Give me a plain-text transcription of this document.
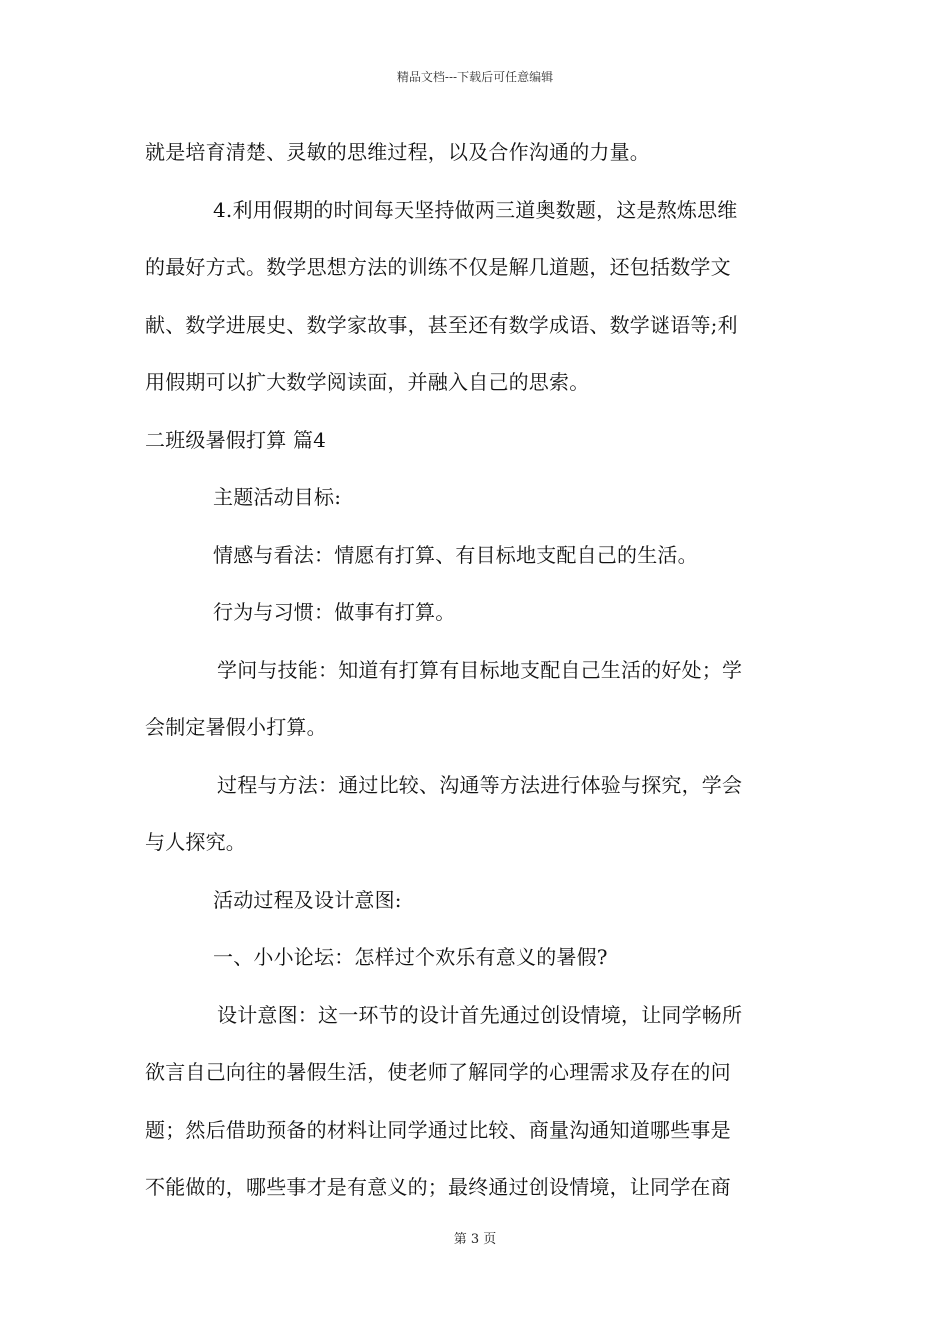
精品文档---下载后可任意编辑
就是培育清楚、灵敏的思维过程，以及合作沟通的力量。
4.利用假期的时间每天坚持做两三道奥数题，这是熬炼思维
的最好方式。数学思想方法的训练不仅是解几道题，还包括数学文
献、数学进展史、数学家故事，甚至还有数学成语、数学谜语等;利
用假期可以扩大数学阅读面，并融入自己的思索。
二班级暑假打算 篇4
主题活动目标:
情感与看法：情愿有打算、有目标地支配自己的生活。
行为与习惯：做事有打算。
学问与技能：知道有打算有目标地支配自己生活的好处；学
会制定暑假小打算。
过程与方法：通过比较、沟通等方法进行体验与探究，学会
与人探究。
活动过程及设计意图:
一、小小论坛：怎样过个欢乐有意义的暑假?
设计意图：这一环节的设计首先通过创设情境，让同学畅所
欲言自己向往的暑假生活，使老师了解同学的心理需求及存在的问
题；然后借助预备的材料让同学通过比较、商量沟通知道哪些事是
不能做的，哪些事才是有意义的；最终通过创设情境，让同学在商
第 3 页
